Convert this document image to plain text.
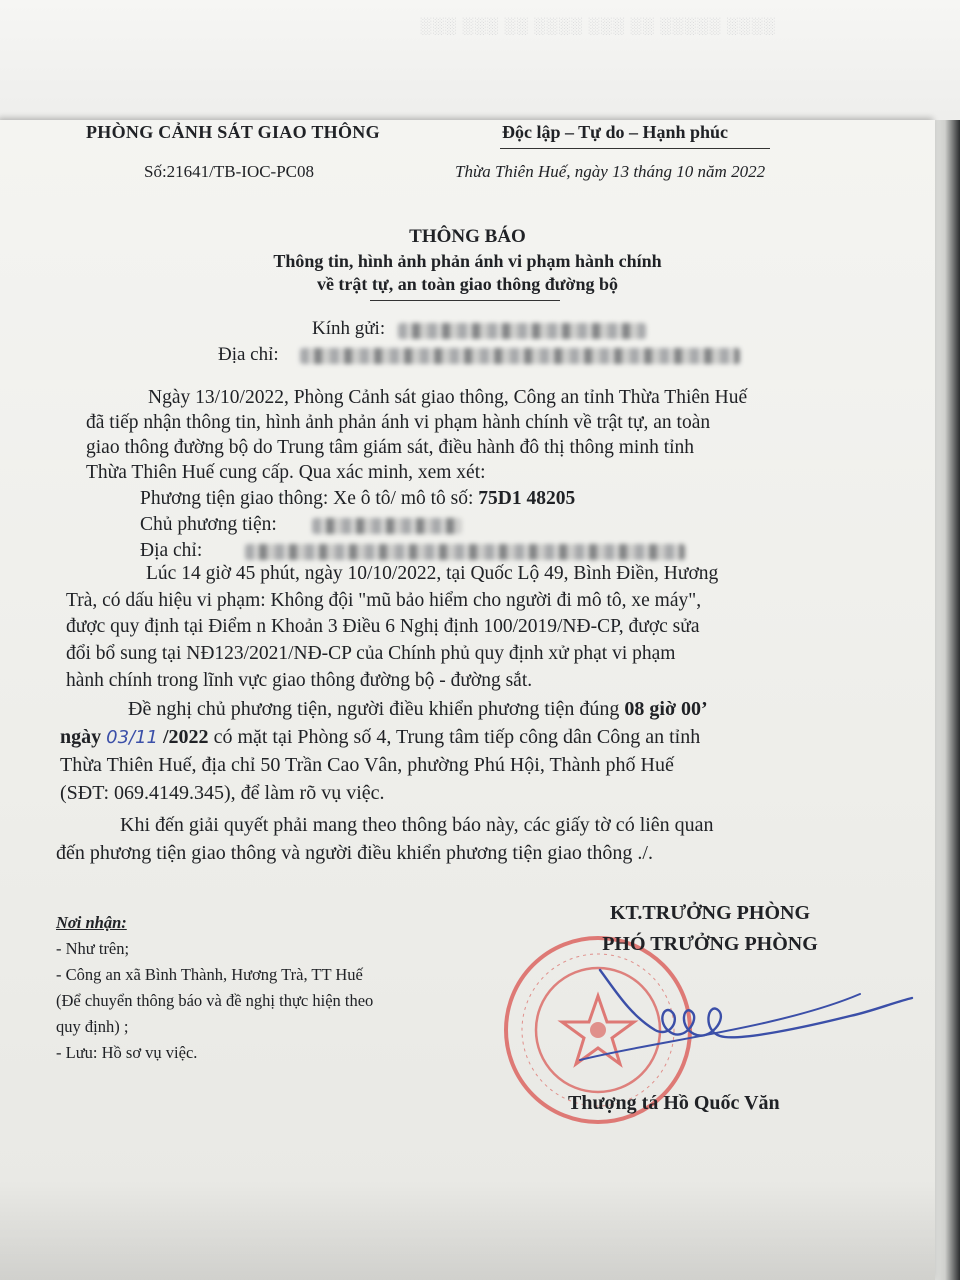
░░░ ░░░ ░░ ░░░░ ░░░ ░░ ░░░░░ ░░░░
PHÒNG CẢNH SÁT GIAO THÔNG	Độc lập – Tự do – Hạnh phúc
Số:21641/TB-IOC-PC08	Thừa Thiên Huế, ngày 13 tháng 10 năm 2022
THÔNG BÁO
Thông tin, hình ảnh phản ánh vi phạm hành chính
về trật tự, an toàn giao thông đường bộ
Kính gửi:
Địa chỉ:
Ngày 13/10/2022, Phòng Cảnh sát giao thông, Công an tỉnh Thừa Thiên Huế
đã tiếp nhận thông tin, hình ảnh phản ánh vi phạm hành chính về trật tự, an toàn
giao thông đường bộ do Trung tâm giám sát, điều hành đô thị thông minh tỉnh
Thừa Thiên Huế cung cấp. Qua xác minh, xem xét:
Phương tiện giao thông: Xe ô tô/ mô tô số: 75D1 48205
Chủ phương tiện:
Địa chỉ:
Lúc 14 giờ 45 phút, ngày 10/10/2022, tại Quốc Lộ 49, Bình Điền, Hương
Trà, có dấu hiệu vi phạm: Không đội "mũ bảo hiểm cho người đi mô tô, xe máy",
được quy định tại Điểm n Khoản 3 Điều 6 Nghị định 100/2019/NĐ-CP, được sửa
đổi bổ sung tại NĐ123/2021/NĐ-CP của Chính phủ quy định xử phạt vi phạm
hành chính trong lĩnh vực giao thông đường bộ - đường sắt.
Đề nghị chủ phương tiện, người điều khiển phương tiện đúng 08 giờ 00’
ngày 03/11 /2022 có mặt tại Phòng số 4, Trung tâm tiếp công dân Công an tỉnh
Thừa Thiên Huế, địa chỉ 50 Trần Cao Vân, phường Phú Hội, Thành phố Huế
(SĐT: 069.4149.345), để làm rõ vụ việc.
Khi đến giải quyết phải mang theo thông báo này, các giấy tờ có liên quan
đến phương tiện giao thông và người điều khiển phương tiện giao thông ./.
Nơi nhận:
- Như trên;
- Công an xã Bình Thành, Hương Trà, TT Huế
(Để chuyển thông báo và đề nghị thực hiện theo
quy định) ;
- Lưu: Hồ sơ vụ việc.
KT.TRƯỞNG PHÒNG
PHÓ TRƯỞNG PHÒNG
Thượng tá Hồ Quốc Văn
